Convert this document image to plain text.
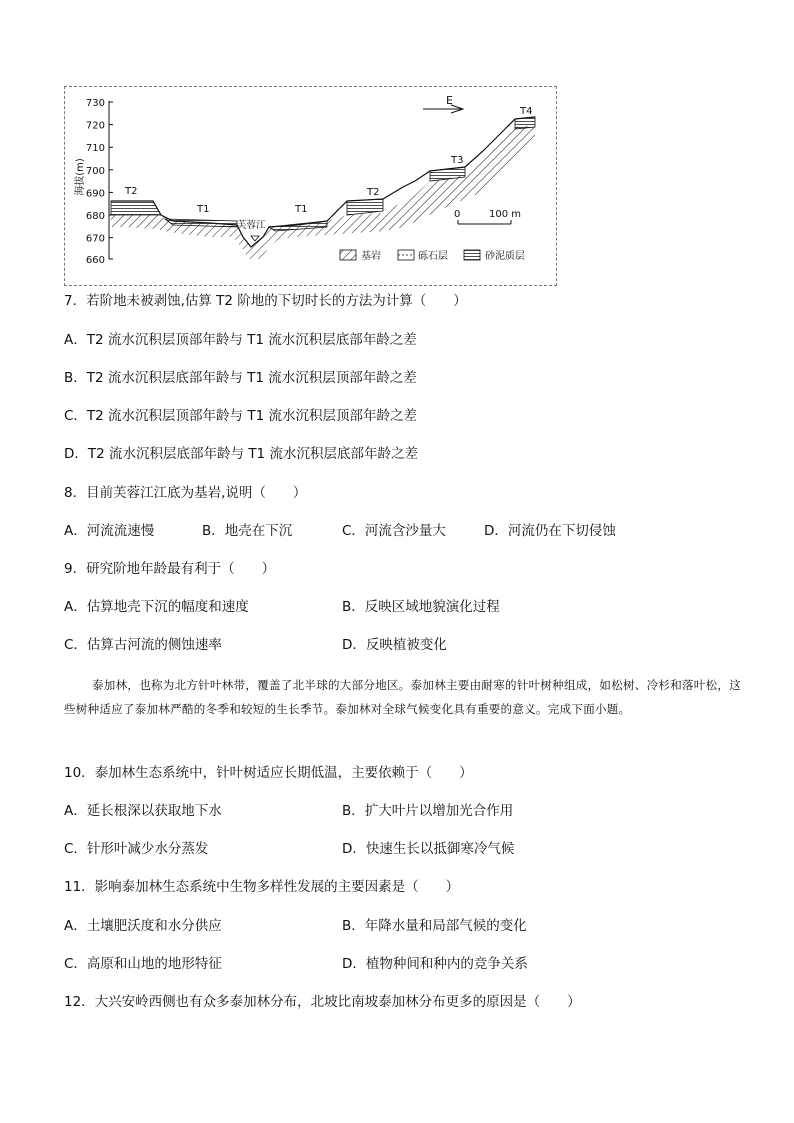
730
720
710
700
690
680
670
660
海拔(m)	T2
T1	T1
T2
T3
T4
芙蓉江
E
0	100 m
基岩	砾石层	砂泥质层
7．若阶地未被剥蚀,估算 T2 阶地的下切时长的方法为计算（　　）
A．T2 流水沉积层顶部年龄与 T1 流水沉积层底部年龄之差
B．T2 流水沉积层底部年龄与 T1 流水沉积层顶部年龄之差
C．T2 流水沉积层顶部年龄与 T1 流水沉积层顶部年龄之差
D．T2 流水沉积层底部年龄与 T1 流水沉积层底部年龄之差
8．目前芙蓉江江底为基岩,说明（　　）
A．河流流速慢	B．地壳在下沉	C．河流含沙量大	D．河流仍在下切侵蚀
9．研究阶地年龄最有利于（　　）
A．估算地壳下沉的幅度和速度	B．反映区域地貌演化过程
C．估算古河流的侧蚀速率	D．反映植被变化

泰加林，也称为北方针叶林带，覆盖了北半球的大部分地区。泰加林主要由耐寒的针叶树种组成，如松树、冷杉和落叶松，这些树种适应了泰加林严酷的冬季和较短的生长季节。泰加林对全球气候变化具有重要的意义。完成下面小题。

10．泰加林生态系统中，针叶树适应长期低温，主要依赖于（　　）
A．延长根深以获取地下水	B．扩大叶片以增加光合作用
C．针形叶减少水分蒸发	D．快速生长以抵御寒冷气候
11．影响泰加林生态系统中生物多样性发展的主要因素是（　　）
A．土壤肥沃度和水分供应	B．年降水量和局部气候的变化
C．高原和山地的地形特征	D．植物种间和种内的竞争关系
12．大兴安岭西侧也有众多泰加林分布，北坡比南坡泰加林分布更多的原因是（　　）
